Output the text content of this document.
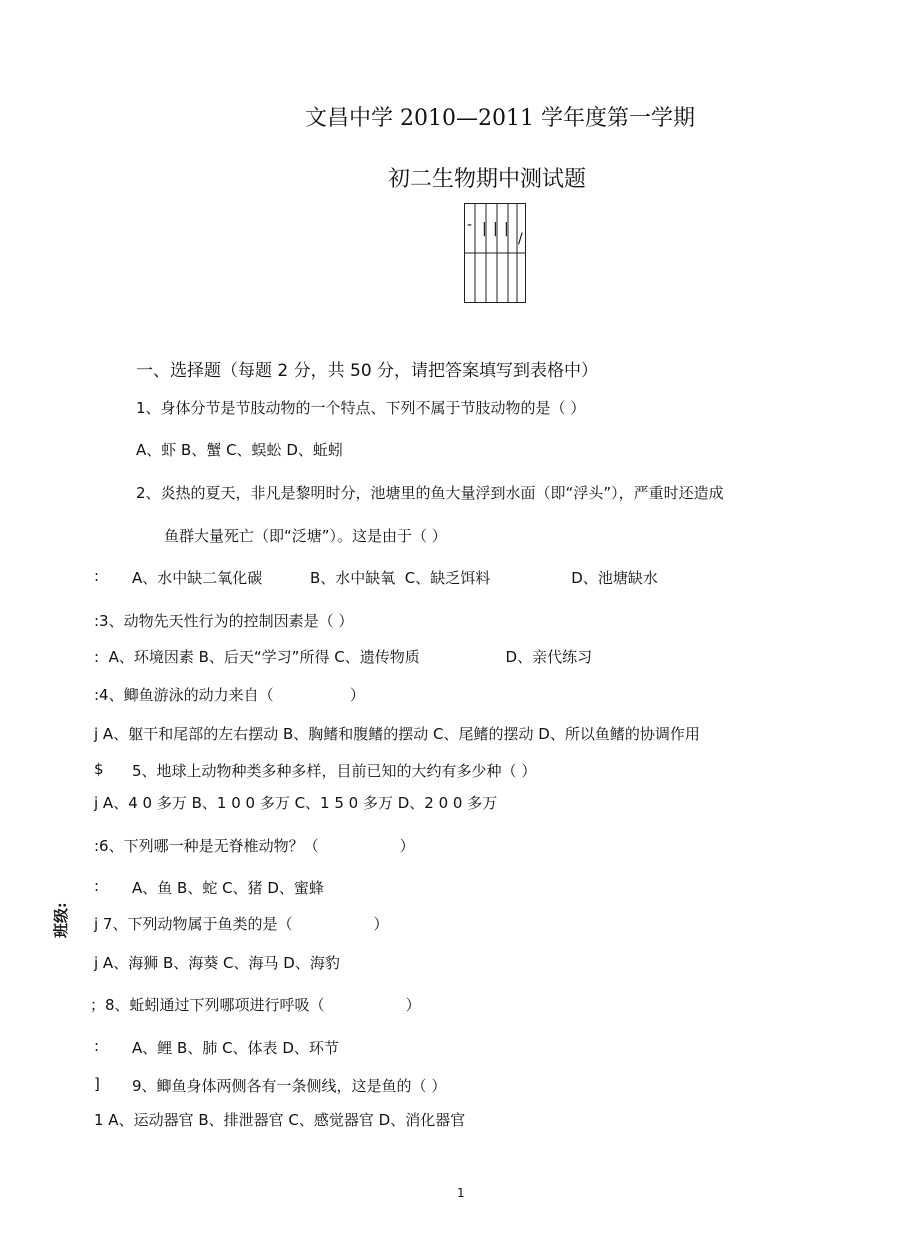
文昌中学 2010—2011 学年度第一学期
初二生物期中测试题
- | | |
/
一、选择题（每题 2 分，共 50 分，请把答案填写到表格中）
1、身体分节是节肢动物的一个特点、下列不属于节肢动物的是（ ）
A、虾 B、蟹 C、蜈蚣 D、蚯蚓
2、炎热的夏天，非凡是黎明时分，池塘里的鱼大量浮到水面（即“浮头”），严重时还造成
鱼群大量死亡（即“泛塘”）。这是由于（ ）
: A、水中缺二氧化碳          B、水中缺氧  C、缺乏饵料                 D、池塘缺水
:3、动物先天性行为的控制因素是（ ）
:  A、环境因素 B、后天“学习”所得 C、遗传物质                  D、亲代练习
:4、鲫鱼游泳的动力来自（                ）
j A、躯干和尾部的左右摆动 B、胸鳍和腹鳍的摆动 C、尾鳍的摆动 D、所以鱼鳍的协调作用
$ 5、地球上动物种类多种多样，目前已知的大约有多少种（ ）
j A、4 0 多万 B、1 0 0 多万 C、1 5 0 多万 D、2 0 0 多万
:6、下列哪一种是无脊椎动物？（                 ）
: A、鱼 B、蛇 C、猪 D、蜜蜂
j 7、下列动物属于鱼类的是（                 ）
j A、海狮 B、海葵 C、海马 D、海豹
；8、蚯蚓通过下列哪项进行呼吸（                 ）
: A、鲤 B、肺 C、体表 D、环节
] 9、鲫鱼身体两侧各有一条侧线，这是鱼的（ ）
1 A、运动器官 B、排泄器官 C、感觉器官 D、消化器官
班级:
1
